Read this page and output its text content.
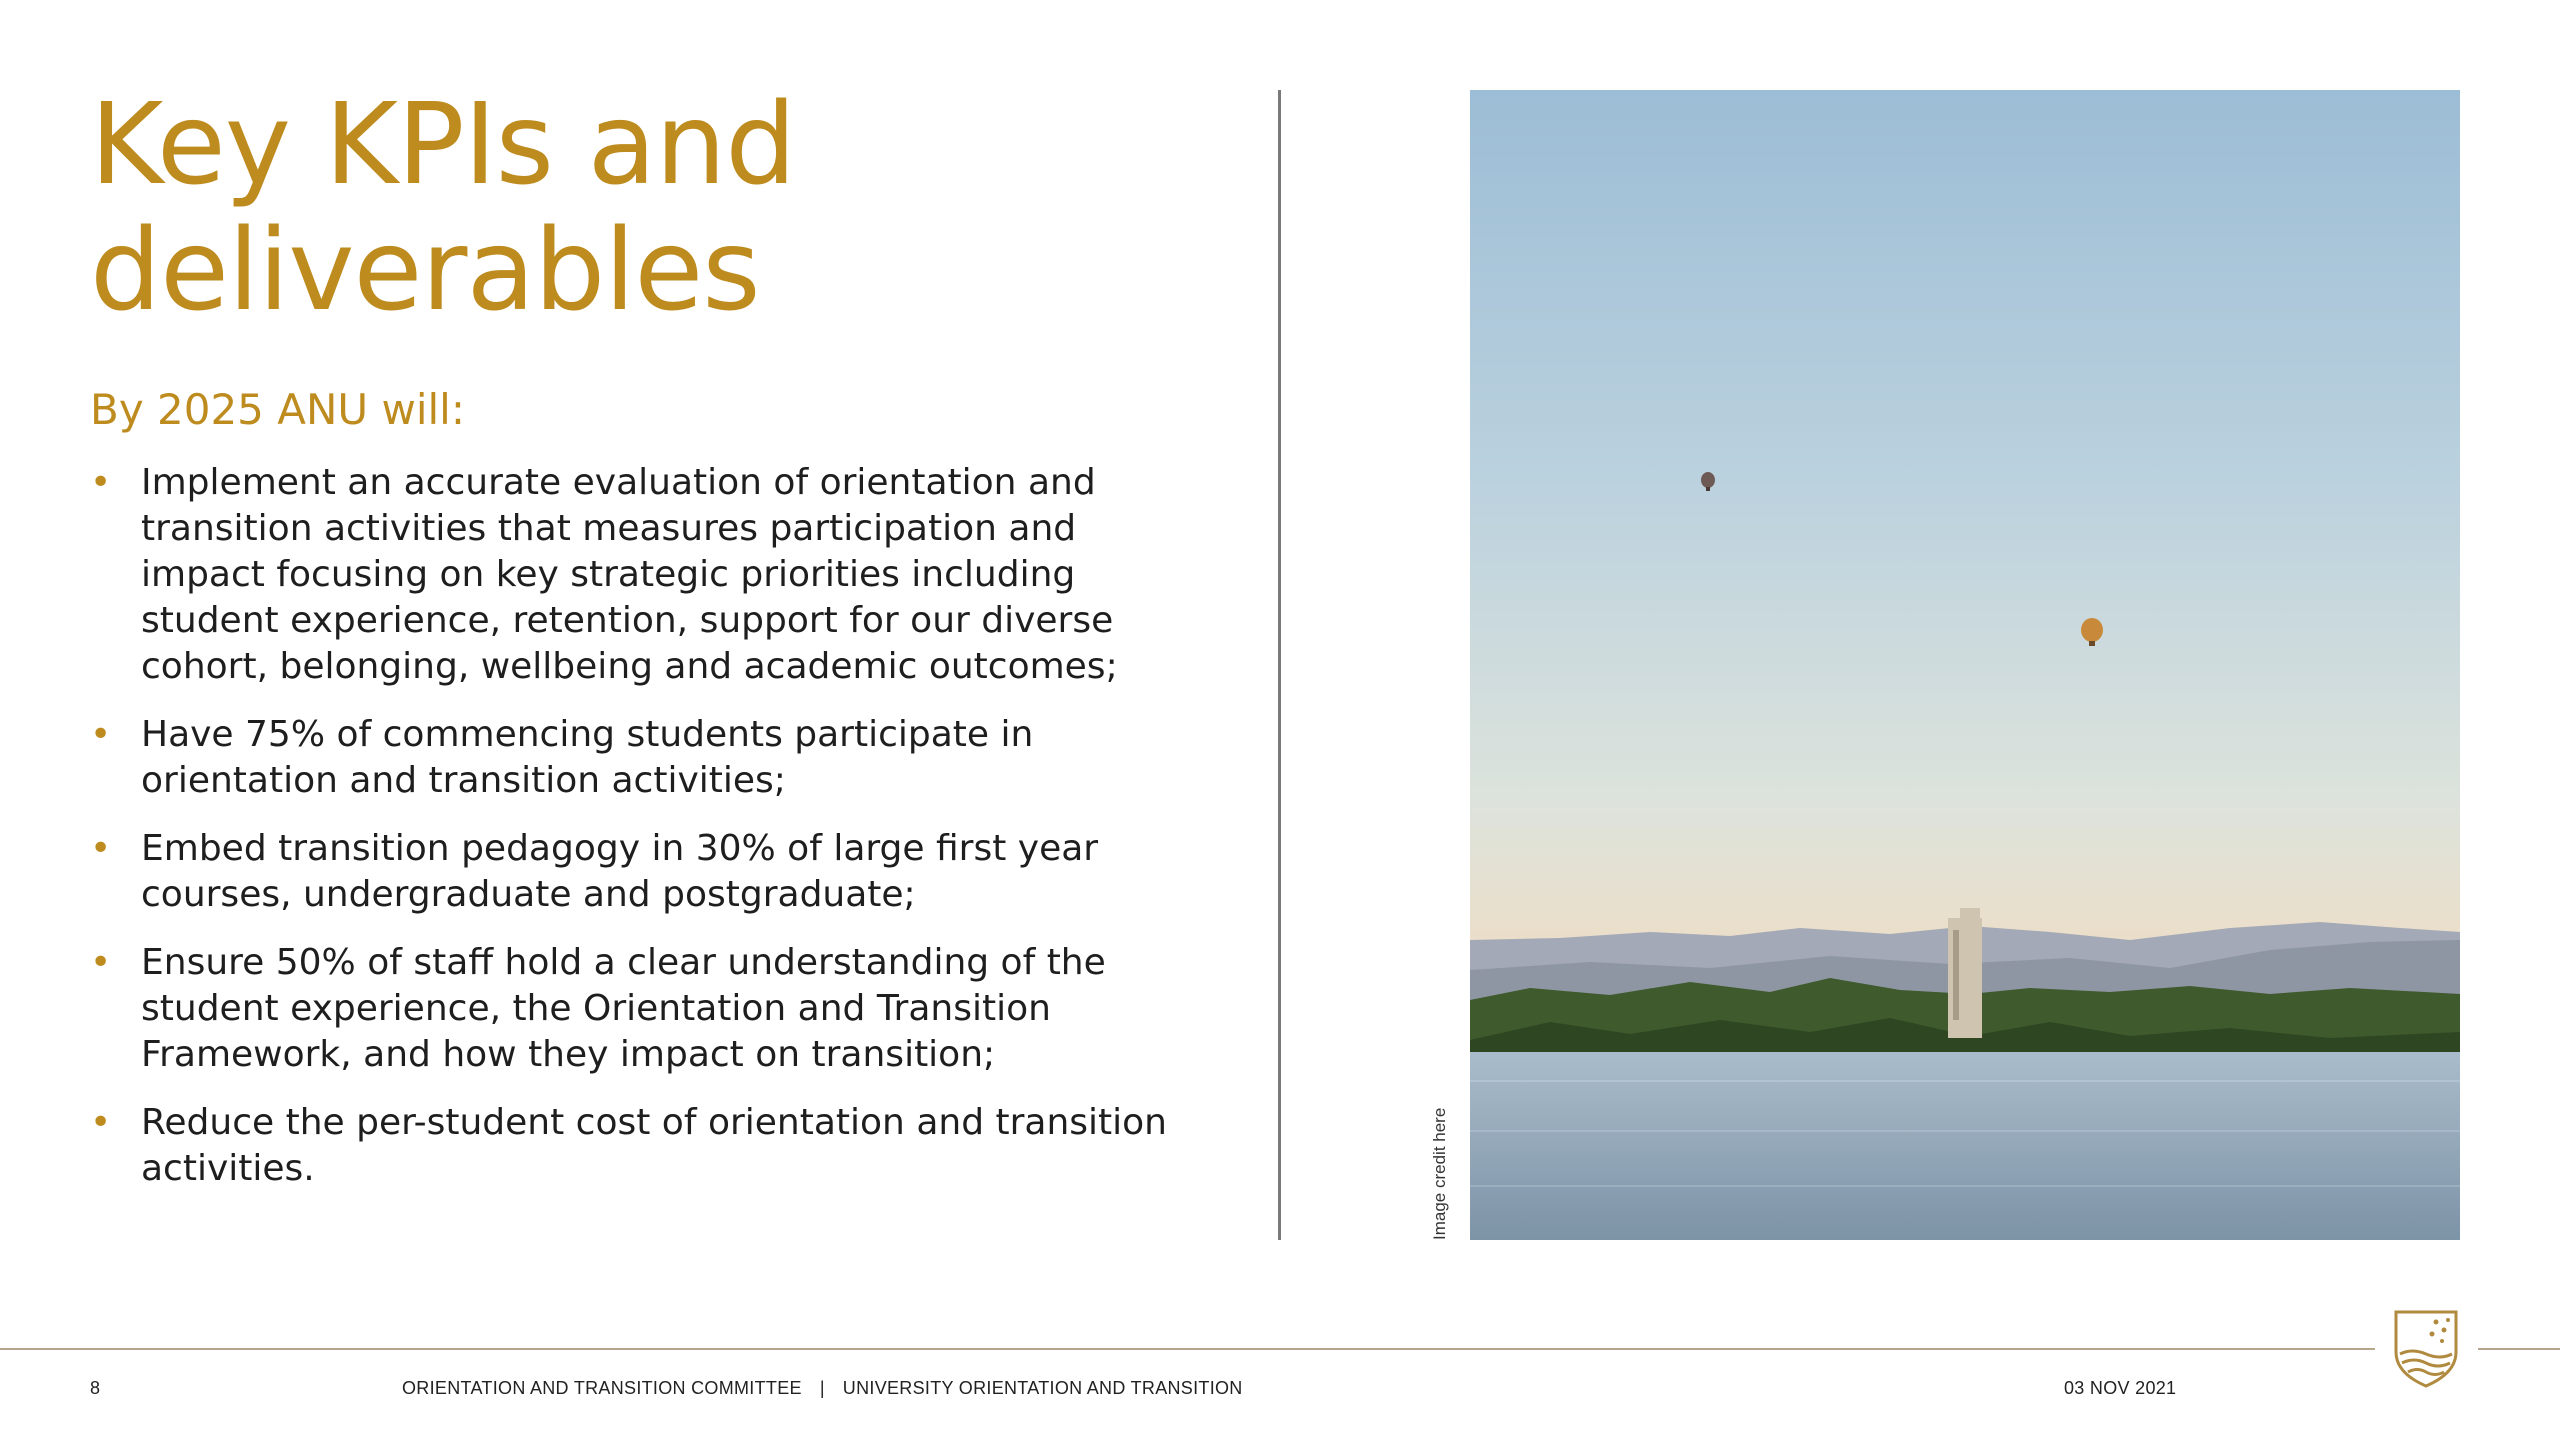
Key KPIs and
deliverables
By 2025 ANU will:
• Implement an accurate evaluation of orientation and transition activities that measures participation and impact focusing on key strategic priorities including student experience, retention, support for our diverse cohort, belonging, wellbeing and academic outcomes;
• Have 75% of commencing students participate in orientation and transition activities;
• Embed transition pedagogy in 30% of large first year courses, undergraduate and postgraduate;
• Ensure 50% of staff hold a clear understanding of the student experience, the Orientation and Transition Framework, and how they impact on transition;
• Reduce the per-student cost of orientation and transition activities.	Image credit here
8	ORIENTATION AND TRANSITION COMMITTEE | UNIVERSITY ORIENTATION AND TRANSITION	03 NOV 2021
